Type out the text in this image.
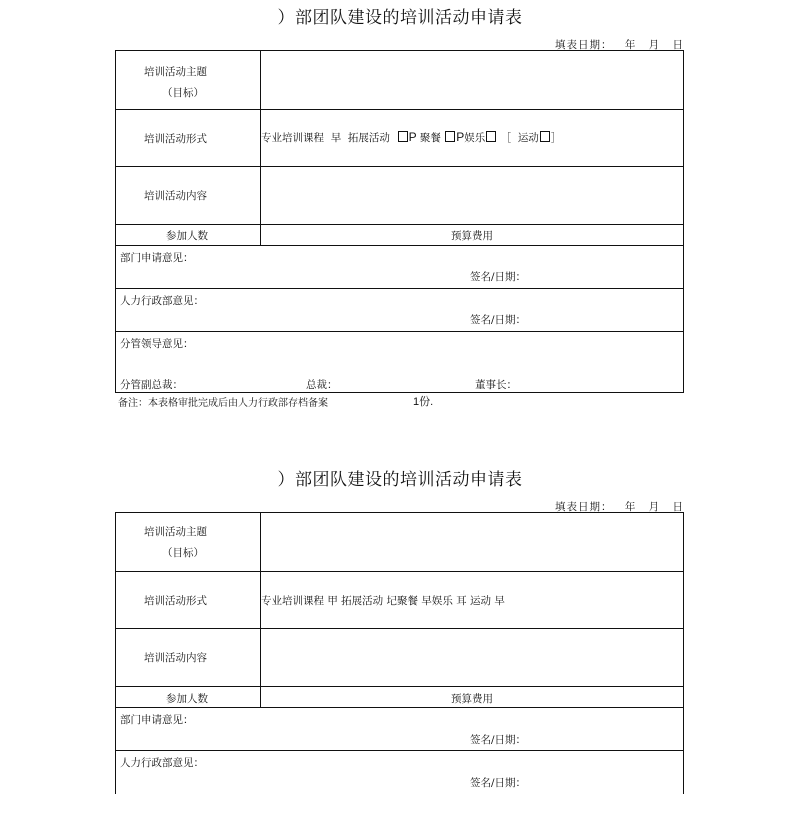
）部团队建设的培训活动申请表
填表日期： 年 月 日
培训活动主题
（目标）
培训活动形式	专业培训课程 早 拓展活动 P 聚餐 P娱乐 ［ 运动 ］
培训活动内容
参加人数	预算费用
部门申请意见：
签名/日期：
人力行政部意见：
签名/日期：
分管领导意见：
分管副总裁：	总裁：	董事长：
备注：本表格审批完成后由人力行政部存档备案	1份.
）部团队建设的培训活动申请表
填表日期： 年 月 日
培训活动主题
（目标）
培训活动形式	专业培训课程 甲 拓展活动 圮聚餐 早娱乐 耳 运动 早
培训活动内容
参加人数	预算费用
部门申请意见：
签名/日期：
人力行政部意见：
签名/日期：
